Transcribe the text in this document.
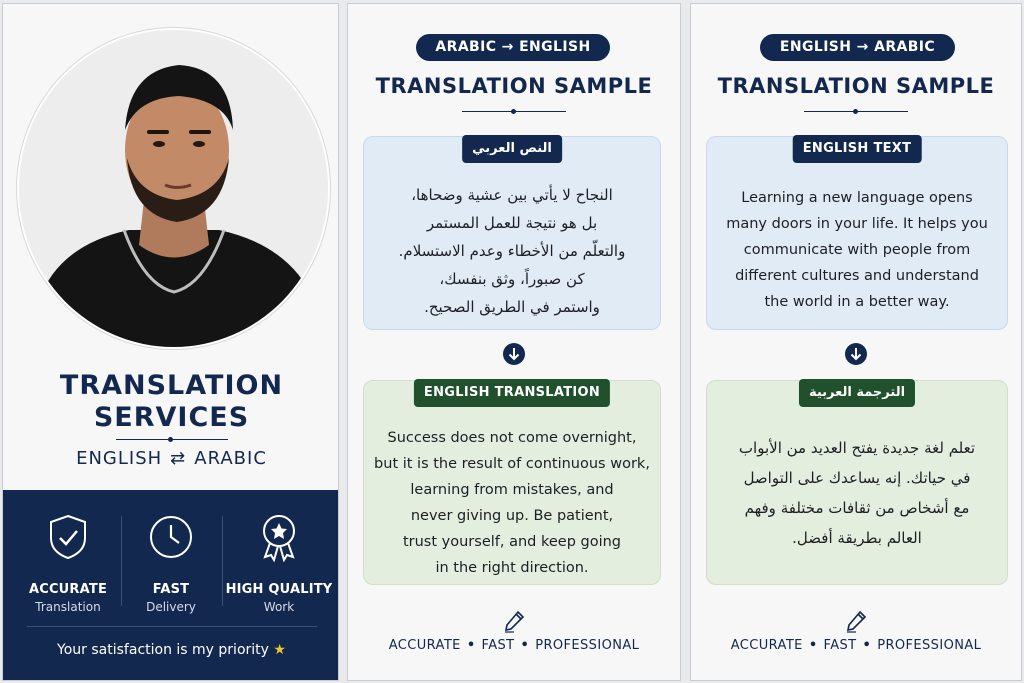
TRANSLATION
SERVICES
ENGLISH ⇄ ARABIC
ACCURATE
Translation
FAST
Delivery
HIGH QUALITY
Work
Your satisfaction is my priority ★
ARABIC → ENGLISH
TRANSLATION SAMPLE
النص العربي
النجاح لا يأتي بين عشية وضحاها،
بل هو نتيجة للعمل المستمر
والتعلّم من الأخطاء وعدم الاستسلام.
كن صبوراً، وثق بنفسك،
واستمر في الطريق الصحيح.
ENGLISH TRANSLATION
Success does not come overnight,
but it is the result of continuous work,
learning from mistakes, and
never giving up. Be patient,
trust yourself, and keep going
in the right direction.
ACCURATE • FAST • PROFESSIONAL
ENGLISH → ARABIC
TRANSLATION SAMPLE
ENGLISH TEXT
Learning a new language opens
many doors in your life. It helps you
communicate with people from
different cultures and understand
the world in a better way.
الترجمة العربية
تعلم لغة جديدة يفتح العديد من الأبواب
في حياتك. إنه يساعدك على التواصل
مع أشخاص من ثقافات مختلفة وفهم
العالم بطريقة أفضل.
ACCURATE • FAST • PROFESSIONAL
